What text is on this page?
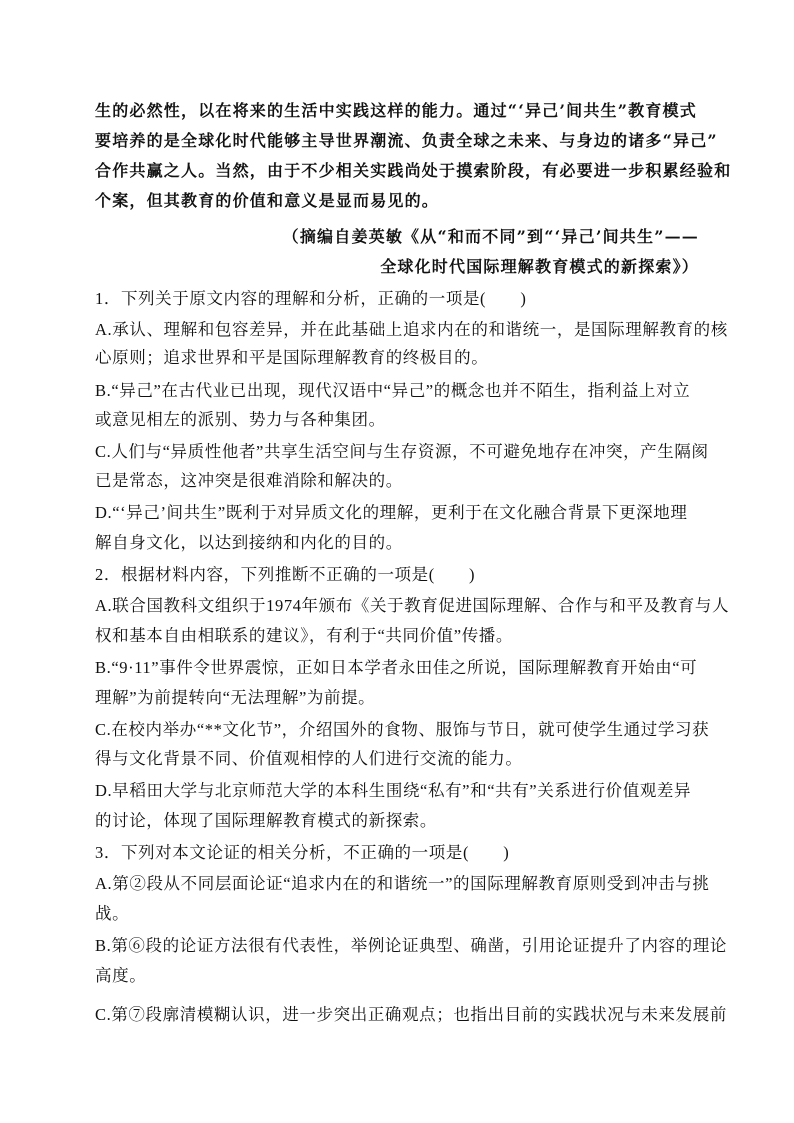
生的必然性，以在将来的生活中实践这样的能力。通过“‘异己’间共生”教育模式
要培养的是全球化时代能够主导世界潮流、负责全球之未来、与身边的诸多“异己”
合作共赢之人。当然，由于不少相关实践尚处于摸索阶段，有必要进一步积累经验和
个案，但其教育的价值和意义是显而易见的。
（摘编自姜英敏《从“和而不同”到“‘异己’间共生”——
全球化时代国际理解教育模式的新探索》）
1．下列关于原文内容的理解和分析，正确的一项是(　　)
A.承认、理解和包容差异，并在此基础上追求内在的和谐统一，是国际理解教育的核
心原则；追求世界和平是国际理解教育的终极目的。
B.“异己”在古代业已出现，现代汉语中“异己”的概念也并不陌生，指利益上对立
或意见相左的派别、势力与各种集团。
C.人们与“异质性他者”共享生活空间与生存资源，不可避免地存在冲突，产生隔阂
已是常态，这冲突是很难消除和解决的。
D.“‘异己’间共生”既利于对异质文化的理解，更利于在文化融合背景下更深地理
解自身文化，以达到接纳和内化的目的。
2．根据材料内容，下列推断不正确的一项是(　　)
A.联合国教科文组织于1974年颁布《关于教育促进国际理解、合作与和平及教育与人
权和基本自由相联系的建议》，有利于“共同价值”传播。
B.“9·11”事件令世界震惊，正如日本学者永田佳之所说，国际理解教育开始由“可
理解”为前提转向“无法理解”为前提。
C.在校内举办“**文化节”，介绍国外的食物、服饰与节日，就可使学生通过学习获
得与文化背景不同、价值观相悖的人们进行交流的能力。
D.早稻田大学与北京师范大学的本科生围绕“私有”和“共有”关系进行价值观差异
的讨论，体现了国际理解教育模式的新探索。
3．下列对本文论证的相关分析，不正确的一项是(　　)
A.第②段从不同层面论证“追求内在的和谐统一”的国际理解教育原则受到冲击与挑
战。
B.第⑥段的论证方法很有代表性，举例论证典型、确凿，引用论证提升了内容的理论
高度。
C.第⑦段廓清模糊认识，进一步突出正确观点；也指出目前的实践状况与未来发展前
